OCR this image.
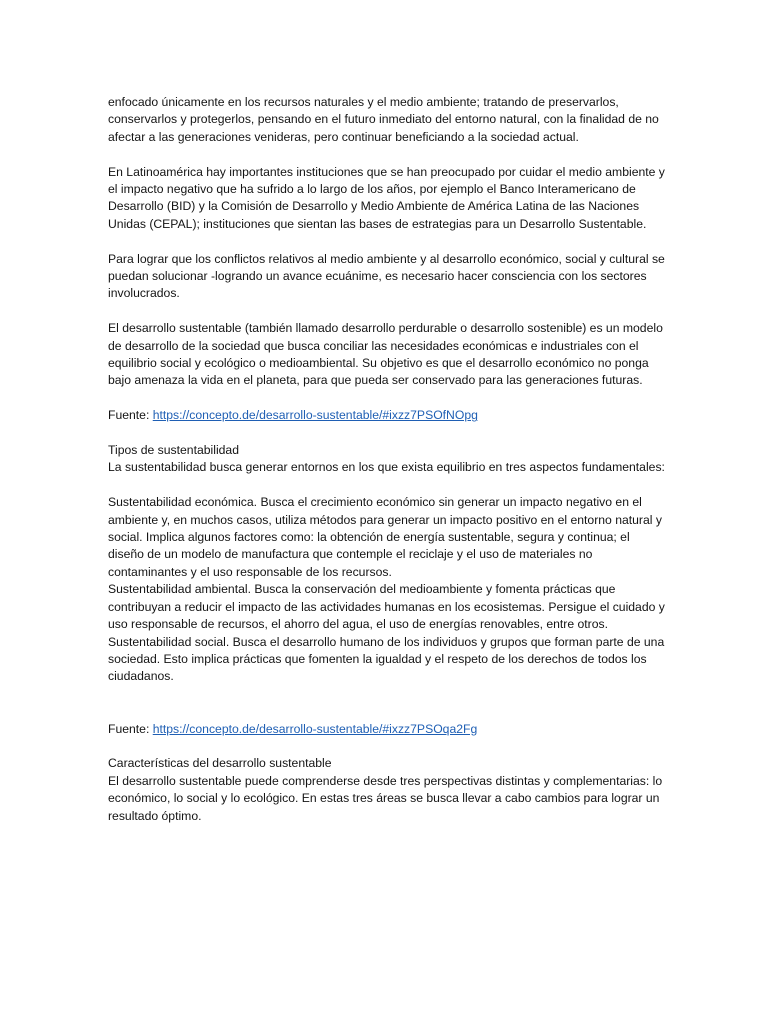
enfocado únicamente en los recursos naturales y el medio ambiente; tratando de preservarlos, conservarlos y protegerlos, pensando en el futuro inmediato del entorno natural, con la finalidad de no afectar a las generaciones venideras, pero continuar beneficiando a la sociedad actual.

En Latinoamérica hay importantes instituciones que se han preocupado por cuidar el medio ambiente y el impacto negativo que ha sufrido a lo largo de los años, por ejemplo el Banco Interamericano de Desarrollo (BID) y la Comisión de Desarrollo y Medio Ambiente de América Latina de las Naciones Unidas (CEPAL); instituciones que sientan las bases de estrategias para un Desarrollo Sustentable.

Para lograr que los conflictos relativos al medio ambiente y al desarrollo económico, social y cultural se puedan solucionar -logrando un avance ecuánime, es necesario hacer consciencia con los sectores involucrados.

El desarrollo sustentable (también llamado desarrollo perdurable o desarrollo sostenible) es un modelo de desarrollo de la sociedad que busca conciliar las necesidades económicas e industriales con el equilibrio social y ecológico o medioambiental. Su objetivo es que el desarrollo económico no ponga bajo amenaza la vida en el planeta, para que pueda ser conservado para las generaciones futuras.

Fuente: https://concepto.de/desarrollo-sustentable/#ixzz7PSOfNOpg

Tipos de sustentabilidad

La sustentabilidad busca generar entornos en los que exista equilibrio en tres aspectos fundamentales:

Sustentabilidad económica. Busca el crecimiento económico sin generar un impacto negativo en el ambiente y, en muchos casos, utiliza métodos para generar un impacto positivo en el entorno natural y social. Implica algunos factores como: la obtención de energía sustentable, segura y continua; el diseño de un modelo de manufactura que contemple el reciclaje y el uso de materiales no contaminantes y el uso responsable de los recursos.

Sustentabilidad ambiental. Busca la conservación del medioambiente y fomenta prácticas que contribuyan a reducir el impacto de las actividades humanas en los ecosistemas. Persigue el cuidado y uso responsable de recursos, el ahorro del agua, el uso de energías renovables, entre otros.

Sustentabilidad social. Busca el desarrollo humano de los individuos y grupos que forman parte de una sociedad. Esto implica prácticas que fomenten la igualdad y el respeto de los derechos de todos los ciudadanos.

Fuente: https://concepto.de/desarrollo-sustentable/#ixzz7PSOqa2Fg

Características del desarrollo sustentable

El desarrollo sustentable puede comprenderse desde tres perspectivas distintas y complementarias: lo económico, lo social y lo ecológico. En estas tres áreas se busca llevar a cabo cambios para lograr un resultado óptimo.
